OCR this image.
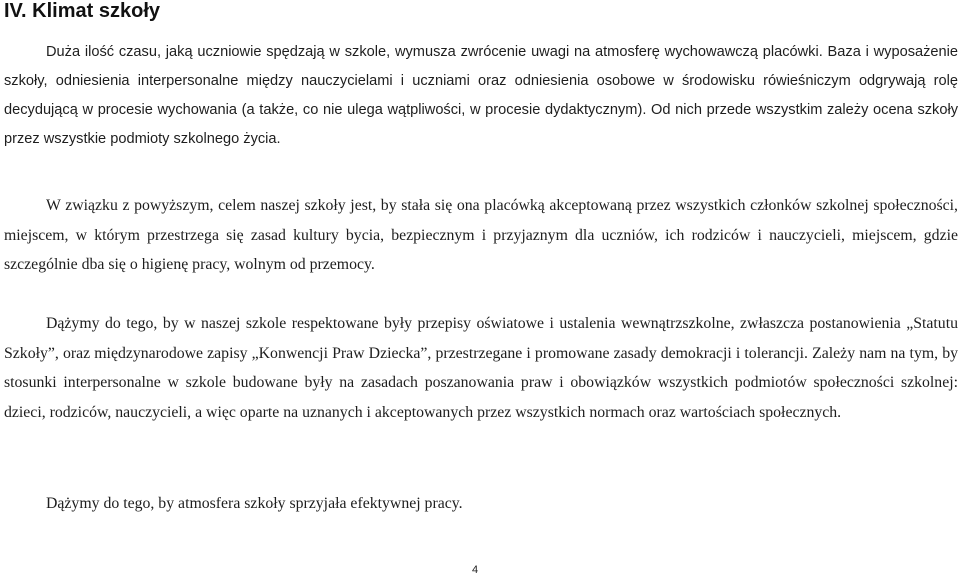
IV. Klimat szkoły

Duża ilość czasu, jaką uczniowie spędzają w szkole, wymusza zwrócenie uwagi na atmosferę wychowawczą placówki. Baza i wyposażenie szkoły, odniesienia interpersonalne między nauczycielami i uczniami oraz odniesienia osobowe w środowisku rówieśniczym odgrywają rolę decydującą w procesie wychowania (a także, co nie ulega wątpliwości, w procesie dydaktycznym). Od nich przede wszystkim zależy ocena szkoły przez wszystkie podmioty szkolnego życia.

W związku z powyższym, celem naszej szkoły jest, by stała się ona placówką akceptowaną przez wszystkich członków szkolnej społeczności, miejscem, w którym przestrzega się zasad kultury bycia, bezpiecznym i przyjaznym dla uczniów, ich rodziców i nauczycieli, miejscem, gdzie szczególnie dba się o higienę pracy, wolnym od przemocy.

Dążymy do tego, by w naszej szkole respektowane były przepisy oświatowe i ustalenia wewnątrzszkolne, zwłaszcza postanowienia „Statutu Szkoły”, oraz międzynarodowe zapisy „Konwencji Praw Dziecka”, przestrzegane i promowane zasady demokracji i tolerancji. Zależy nam na tym, by stosunki interpersonalne w szkole budowane były na zasadach poszanowania praw i obowiązków wszystkich podmiotów społeczności szkolnej: dzieci, rodziców, nauczycieli, a więc oparte na uznanych i akceptowanych przez wszystkich normach oraz wartościach społecznych.

Dążymy do tego, by atmosfera szkoły sprzyjała efektywnej pracy.

4
